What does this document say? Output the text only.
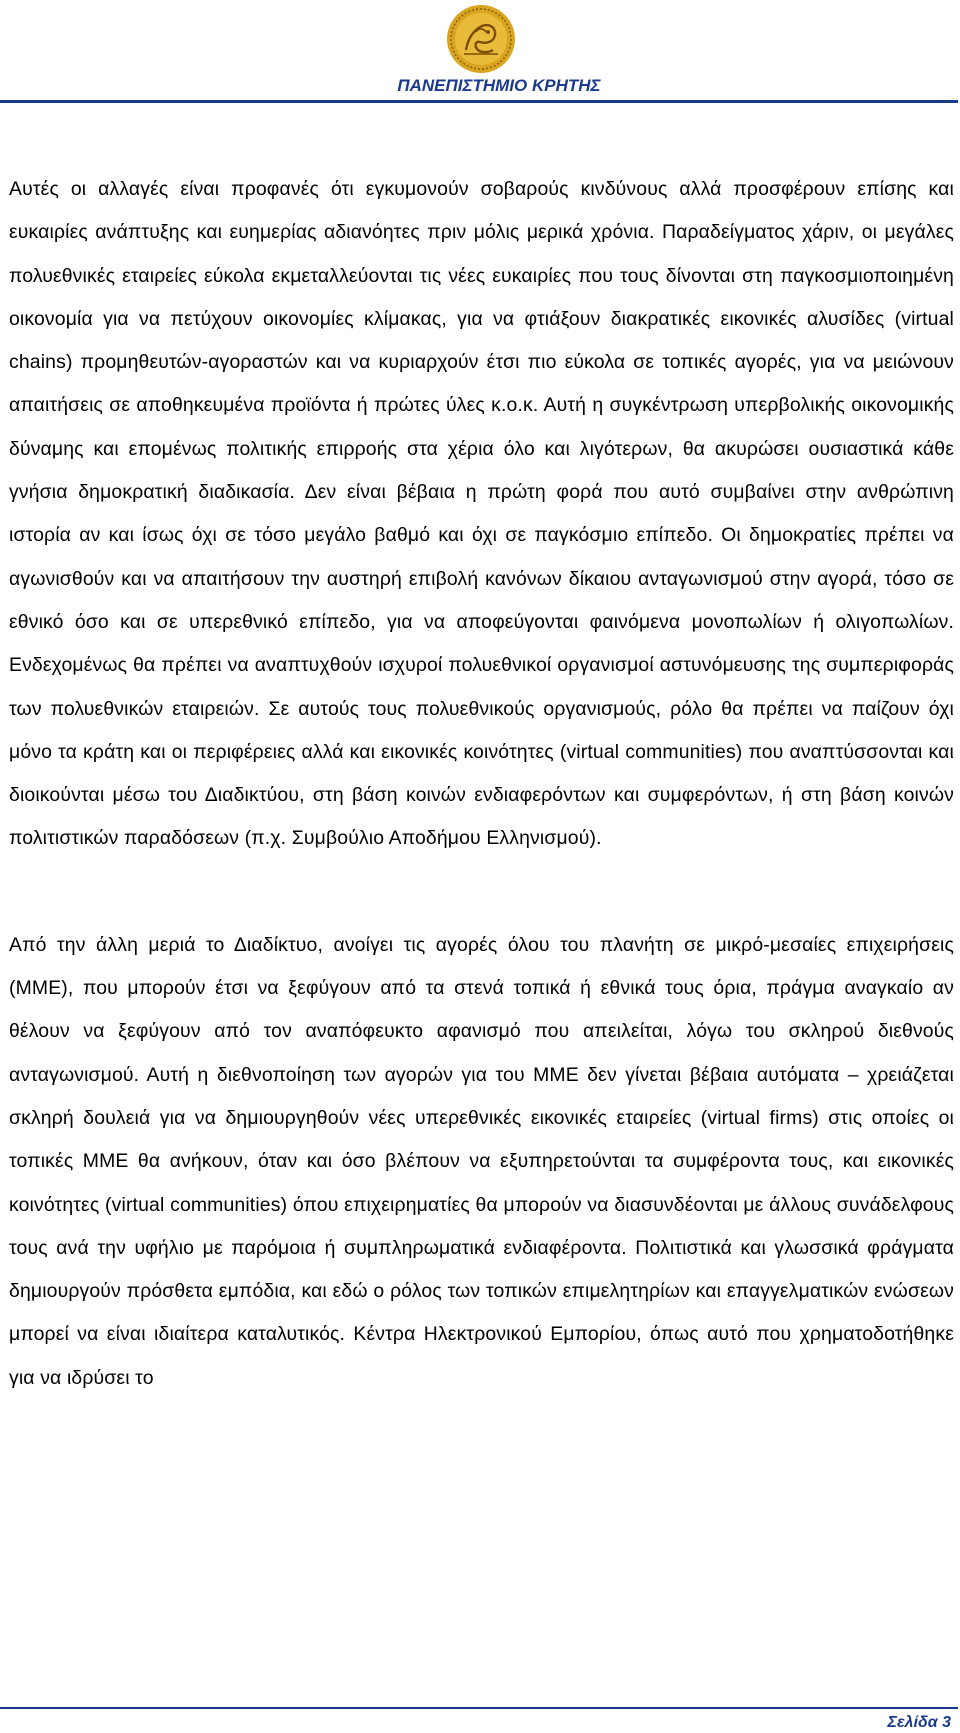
ΠΑΝΕΠΙΣΤΗΜΙΟ ΚΡΗΤΗΣ

Αυτές οι αλλαγές είναι προφανές ότι εγκυμονούν σοβαρούς κινδύνους αλλά προσφέρουν επίσης και ευκαιρίες ανάπτυξης και ευημερίας αδιανόητες πριν μόλις μερικά χρόνια. Παραδείγματος χάριν, οι μεγάλες πολυεθνικές εταιρείες εύκολα εκμεταλλεύονται τις νέες ευκαιρίες που τους δίνονται στη παγκοσμιοποιημένη οικονομία για να πετύχουν οικονομίες κλίμακας, για να φτιάξουν διακρατικές εικονικές αλυσίδες (virtual chains) προμηθευτών-αγοραστών και να κυριαρχούν έτσι πιο εύκολα σε τοπικές αγορές, για να μειώνουν απαιτήσεις σε αποθηκευμένα προϊόντα ή πρώτες ύλες κ.ο.κ. Αυτή η συγκέντρωση υπερβολικής οικονομικής δύναμης και επομένως πολιτικής επιρροής στα χέρια όλο και λιγότερων, θα ακυρώσει ουσιαστικά κάθε γνήσια δημοκρατική διαδικασία. Δεν είναι βέβαια η πρώτη φορά που αυτό συμβαίνει στην ανθρώπινη ιστορία αν και ίσως όχι σε τόσο μεγάλο βαθμό και όχι σε παγκόσμιο επίπεδο. Οι δημοκρατίες πρέπει να αγωνισθούν και να απαιτήσουν την αυστηρή επιβολή κανόνων δίκαιου ανταγωνισμού στην αγορά, τόσο σε εθνικό όσο και σε υπερεθνικό επίπεδο, για να αποφεύγονται φαινόμενα μονοπωλίων ή ολιγοπωλίων. Ενδεχομένως θα πρέπει να αναπτυχθούν ισχυροί πολυεθνικοί οργανισμοί αστυνόμευσης της συμπεριφοράς των πολυεθνικών εταιρειών. Σε αυτούς τους πολυεθνικούς οργανισμούς, ρόλο θα πρέπει να παίζουν όχι μόνο τα κράτη και οι περιφέρειες αλλά και εικονικές κοινότητες (virtual communities) που αναπτύσσονται και διοικούνται μέσω του Διαδικτύου, στη βάση κοινών ενδιαφερόντων και συμφερόντων, ή στη βάση κοινών πολιτιστικών παραδόσεων (π.χ. Συμβούλιο Αποδήμου Ελληνισμού).

Από την άλλη μεριά το Διαδίκτυο, ανοίγει τις αγορές όλου του πλανήτη σε μικρό-μεσαίες επιχειρήσεις (ΜΜΕ), που μπορούν έτσι να ξεφύγουν από τα στενά τοπικά ή εθνικά τους όρια, πράγμα αναγκαίο αν θέλουν να ξεφύγουν από τον αναπόφευκτο αφανισμό που απειλείται, λόγω του σκληρού διεθνούς ανταγωνισμού. Αυτή η διεθνοποίηση των αγορών για του ΜΜΕ δεν γίνεται βέβαια αυτόματα – χρειάζεται σκληρή δουλειά για να δημιουργηθούν νέες υπερεθνικές εικονικές εταιρείες (virtual firms) στις οποίες οι τοπικές ΜΜΕ θα ανήκουν, όταν και όσο βλέπουν να εξυπηρετούνται τα συμφέροντα τους, και εικονικές κοινότητες (virtual communities) όπου επιχειρηματίες θα μπορούν να διασυνδέονται με άλλους συνάδελφους τους ανά την υφήλιο με παρόμοια ή συμπληρωματικά ενδιαφέροντα. Πολιτιστικά και γλωσσικά φράγματα δημιουργούν πρόσθετα εμπόδια, και εδώ ο ρόλος των τοπικών επιμελητηρίων και επαγγελματικών ενώσεων μπορεί να είναι ιδιαίτερα καταλυτικός. Κέντρα Ηλεκτρονικού Εμπορίου, όπως αυτό που χρηματοδοτήθηκε για να ιδρύσει το

Σελίδα 3
